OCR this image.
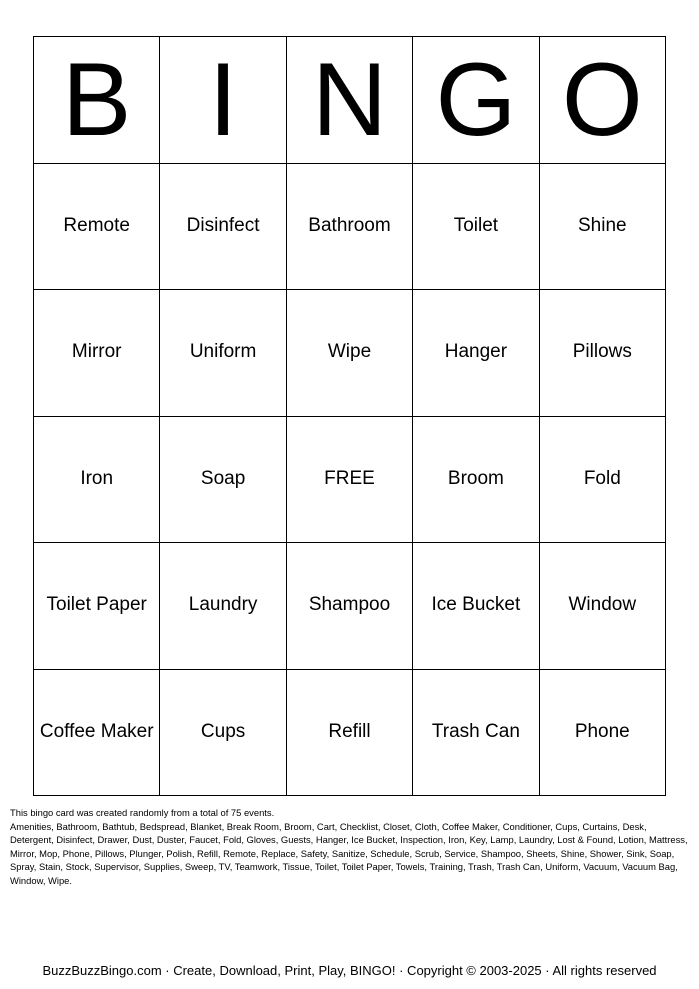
B I N G O
Remote	Disinfect	Bathroom	Toilet	Shine
Mirror	Uniform	Wipe	Hanger	Pillows
Iron	Soap	FREE	Broom	Fold
Toilet Paper	Laundry	Shampoo	Ice Bucket	Window
Coffee Maker	Cups	Refill	Trash Can	Phone

This bingo card was created randomly from a total of 75 events.

Amenities, Bathroom, Bathtub, Bedspread, Blanket, Break Room, Broom, Cart, Checklist, Closet, Cloth, Coffee Maker, Conditioner, Cups, Curtains, Desk, Detergent, Disinfect, Drawer, Dust, Duster, Faucet, Fold, Gloves, Guests, Hanger, Ice Bucket, Inspection, Iron, Key, Lamp, Laundry, Lost & Found, Lotion, Mattress, Mirror, Mop, Phone, Pillows, Plunger, Polish, Refill, Remote, Replace, Safety, Sanitize, Schedule, Scrub, Service, Shampoo, Sheets, Shine, Shower, Sink, Soap, Spray, Stain, Stock, Supervisor, Supplies, Sweep, TV, Teamwork, Tissue, Toilet, Toilet Paper, Towels, Training, Trash, Trash Can, Uniform, Vacuum, Vacuum Bag, Window, Wipe.

BuzzBuzzBingo.com · Create, Download, Print, Play, BINGO! · Copyright © 2003-2025 · All rights reserved
